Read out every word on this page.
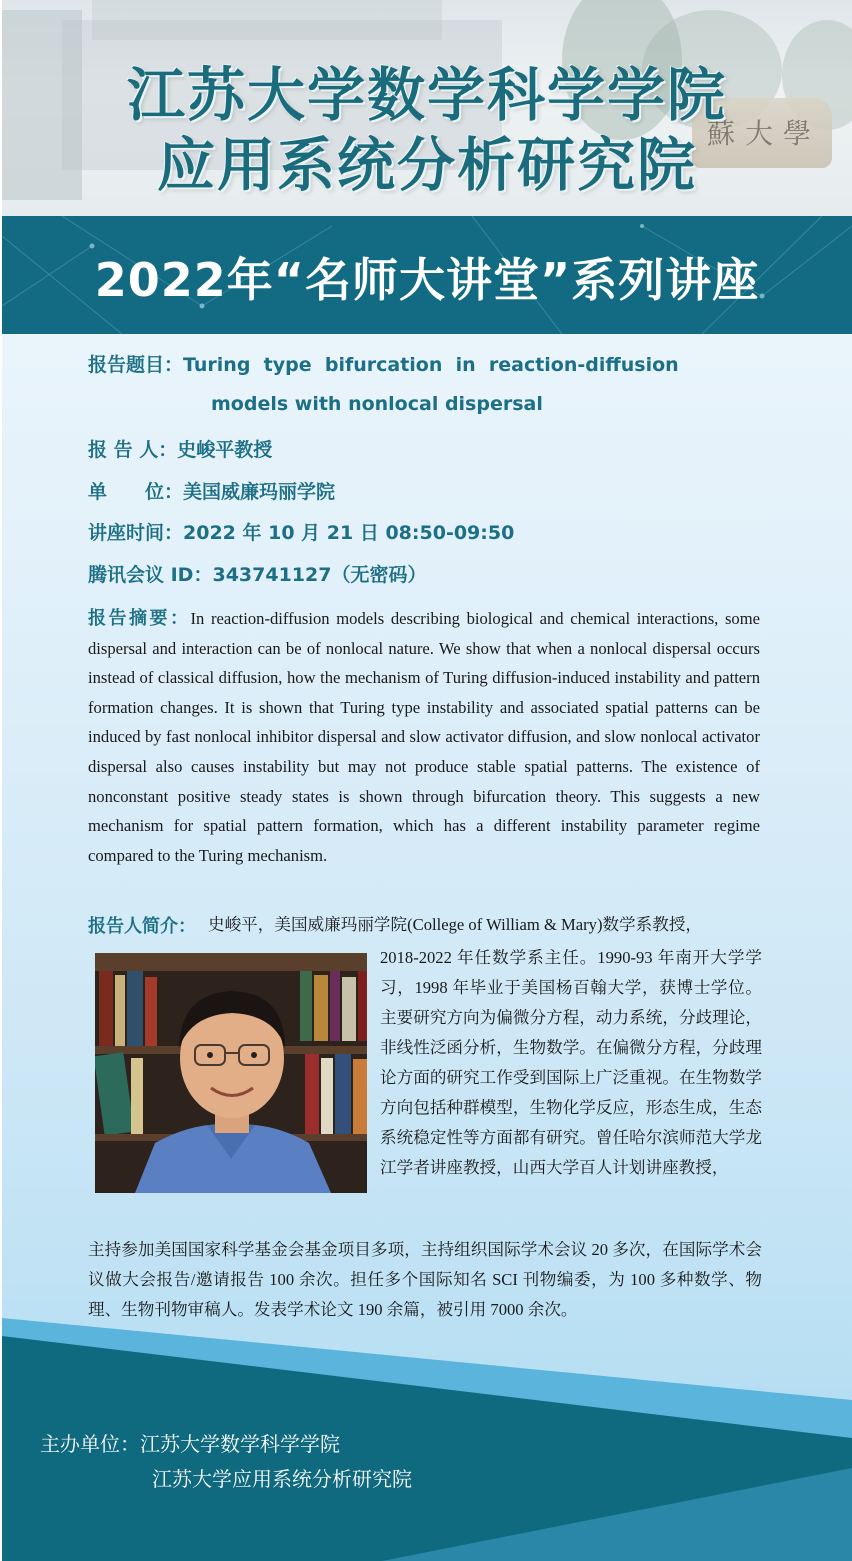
蘇大學
江苏大学数学科学学院
应用系统分析研究院
2022年“名师大讲堂”系列讲座
报告题目：Turing  type  bifurcation  in  reaction-diffusion
models with nonlocal dispersal
报 告 人：史峻平教授
单　　位：美国威廉玛丽学院
讲座时间：2022 年 10 月 21 日 08:50-09:50
腾讯会议 ID：343741127（无密码）
报告摘要：In reaction-diffusion models describing biological and chemical interactions, some dispersal and interaction can be of nonlocal nature. We show that when a nonlocal dispersal occurs instead of classical diffusion, how the mechanism of Turing diffusion-induced instability and pattern formation changes. It is shown that Turing type instability and associated spatial patterns can be induced by fast nonlocal inhibitor dispersal and slow activator diffusion, and slow nonlocal activator dispersal also causes instability but may not produce stable spatial patterns. The existence of nonconstant positive steady states is shown through bifurcation theory. This suggests a new mechanism for spatial pattern formation, which has a different instability parameter regime compared to the Turing mechanism.
报告人简介： 史峻平，美国威廉玛丽学院(College of William & Mary)数学系教授，
2018-2022 年任数学系主任。1990-93 年南开大学学习，1998 年毕业于美国杨百翰大学，获博士学位。主要研究方向为偏微分方程，动力系统，分歧理论，非线性泛函分析，生物数学。在偏微分方程，分歧理论方面的研究工作受到国际上广泛重视。在生物数学方向包括种群模型，生物化学反应，形态生成，生态系统稳定性等方面都有研究。曾任哈尔滨师范大学龙江学者讲座教授，山西大学百人计划讲座教授，
主持参加美国国家科学基金会基金项目多项，主持组织国际学术会议 20 多次，在国际学术会议做大会报告/邀请报告 100 余次。担任多个国际知名 SCI 刊物编委，为 100 多种数学、物理、生物刊物审稿人。发表学术论文 190 余篇，被引用 7000 余次。
主办单位：江苏大学数学科学学院
江苏大学应用系统分析研究院
